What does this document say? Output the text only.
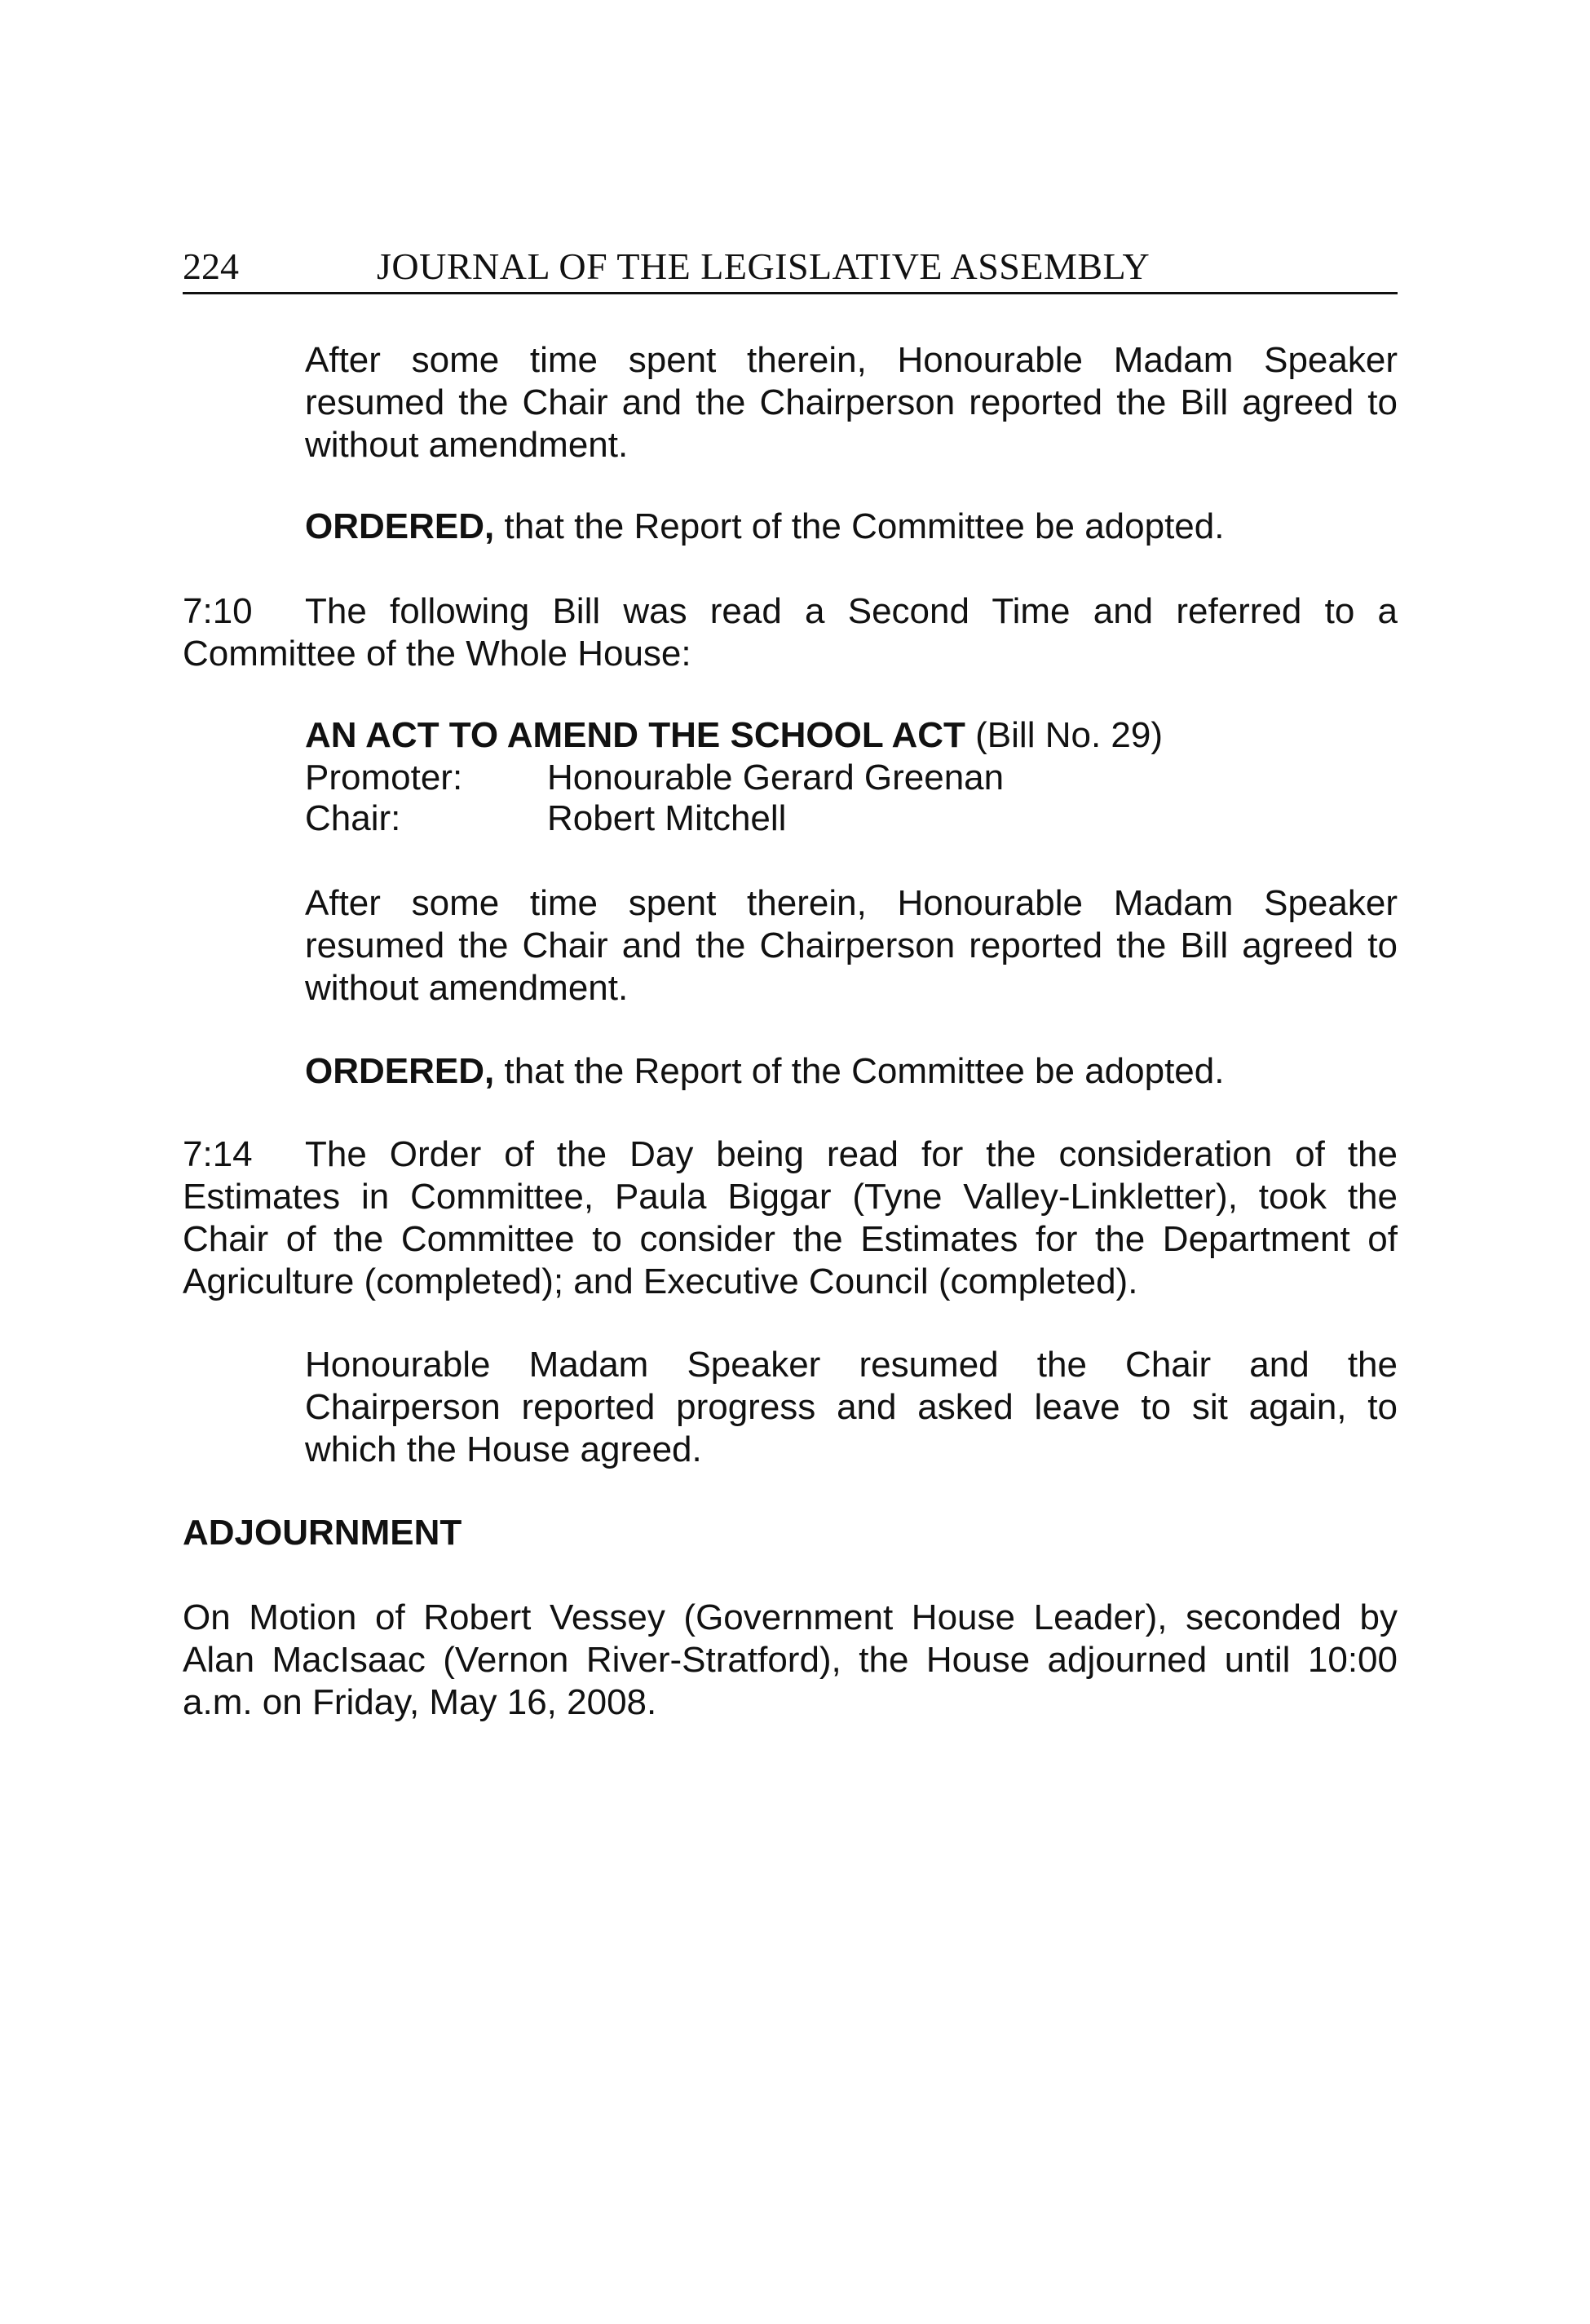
224	JOURNAL OF THE LEGISLATIVE ASSEMBLY

After some time spent therein, Honourable Madam Speaker resumed the Chair and the Chairperson reported the Bill agreed to without amendment.

ORDERED, that the Report of the Committee be adopted.

7:10 The following Bill was read a Second Time and referred to a Committee of the Whole House:

AN ACT TO AMEND THE SCHOOL ACT (Bill No. 29)

Promoter: Honourable Gerard Greenan
Chair:	Robert Mitchell

After some time spent therein, Honourable Madam Speaker resumed the Chair and the Chairperson reported the Bill agreed to without amendment.

ORDERED, that the Report of the Committee be adopted.

7:14 The Order of the Day being read for the consideration of the Estimates in Committee, Paula Biggar (Tyne Valley-Linkletter), took the Chair of the Committee to consider the Estimates for the Department of Agriculture (completed); and Executive Council (completed).

Honourable Madam Speaker resumed the Chair and the Chairperson reported progress and asked leave to sit again, to which the House agreed.

ADJOURNMENT

On Motion of Robert Vessey (Government House Leader), seconded by Alan MacIsaac (Vernon River-Stratford), the House adjourned until 10:00 a.m. on Friday, May 16, 2008.
